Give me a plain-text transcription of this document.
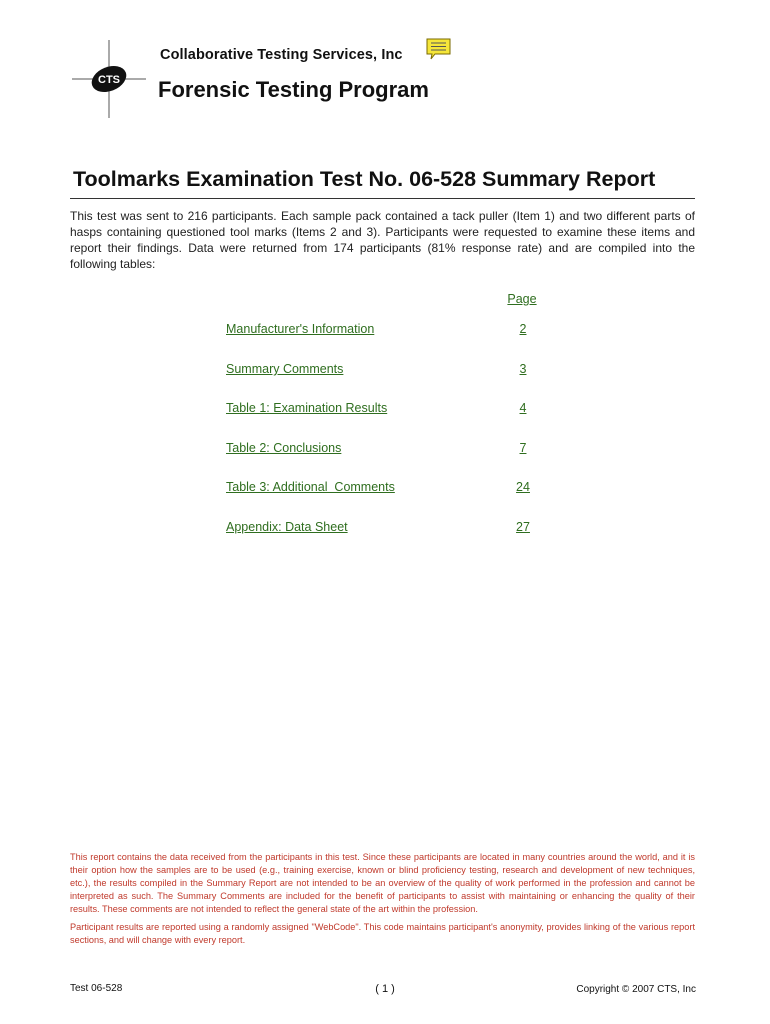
CTS
Collaborative Testing Services, Inc
Forensic Testing Program
Toolmarks Examination Test No. 06-528 Summary Report
This test was sent to 216 participants. Each sample pack contained a tack puller (Item 1) and two different parts of hasps containing questioned tool marks (Items 2 and 3). Participants were requested to examine these items and report their findings. Data were returned from 174 participants (81% response rate) and are compiled into the following tables:
Page
Manufacturer's Information	2
Summary Comments	3
Table 1: Examination Results	4
Table 2: Conclusions	7
Table 3: Additional  Comments	24
Appendix: Data Sheet	27

This report contains the data received from the participants in this test. Since these participants are located in many countries around the world, and it is their option how the samples are to be used (e.g., training exercise, known or blind proficiency testing, research and development of new techniques, etc.), the results compiled in the Summary Report are not intended to be an overview of the quality of work performed in the profession and cannot be interpreted as such. The Summary Comments are included for the benefit of participants to assist with maintaining or enhancing the quality of their results. These comments are not intended to reflect the general state of the art within the profession.

Participant results are reported using a randomly assigned "WebCode". This code maintains participant's anonymity, provides linking of the various report sections, and will change with every report.

Test 06-528	( 1 )	Copyright © 2007 CTS, Inc
